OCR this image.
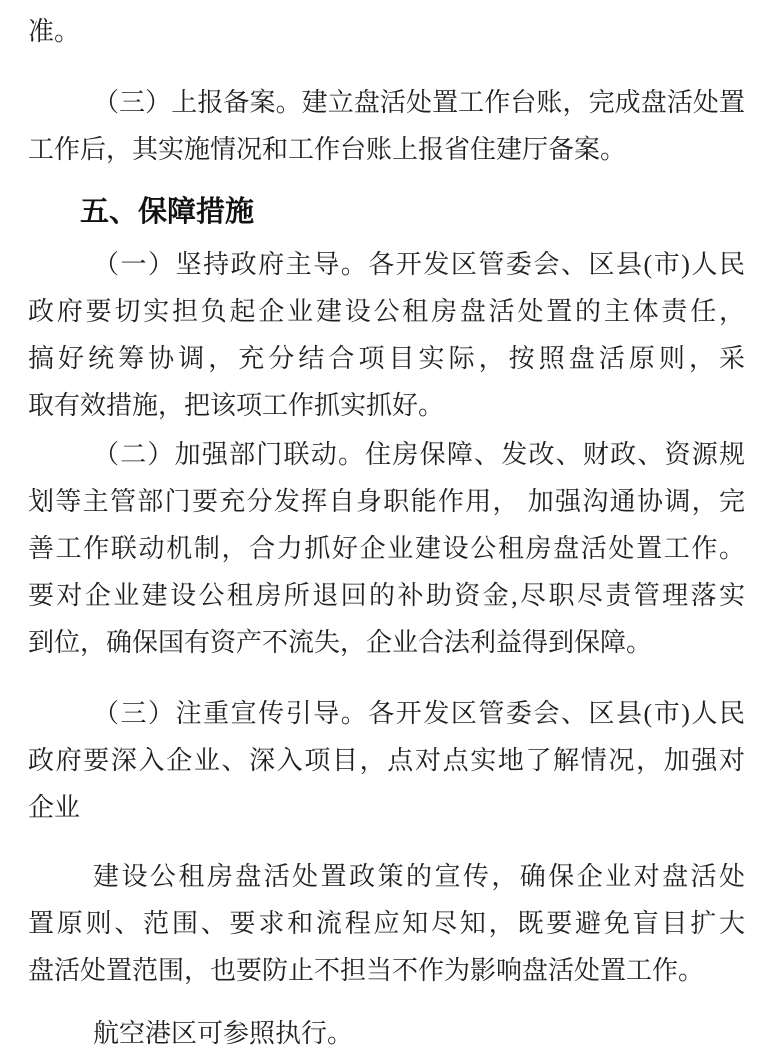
准。
（三）上报备案。建立盘活处置工作台账，完成盘活处置
工作后，其实施情况和工作台账上报省住建厅备案。
五、保障措施
（一）坚持政府主导。各开发区管委会、区县(市)人民
政府要切实担负起企业建设公租房盘活处置的主体责任，
搞好统筹协调，充分结合项目实际，按照盘活原则，采
取有效措施，把该项工作抓实抓好。
（二）加强部门联动。住房保障、发改、财政、资源规
划等主管部门要充分发挥自身职能作用， 加强沟通协调，完
善工作联动机制，合力抓好企业建设公租房盘活处置工作。
要对企业建设公租房所退回的补助资金,尽职尽责管理落实
到位，确保国有资产不流失，企业合法利益得到保障。
（三）注重宣传引导。各开发区管委会、区县(市)人民
政府要深入企业、深入项目，点对点实地了解情况，加强对
企业
建设公租房盘活处置政策的宣传，确保企业对盘活处
置原则、范围、要求和流程应知尽知，既要避免盲目扩大
盘活处置范围，也要防止不担当不作为影响盘活处置工作。
航空港区可参照执行。
